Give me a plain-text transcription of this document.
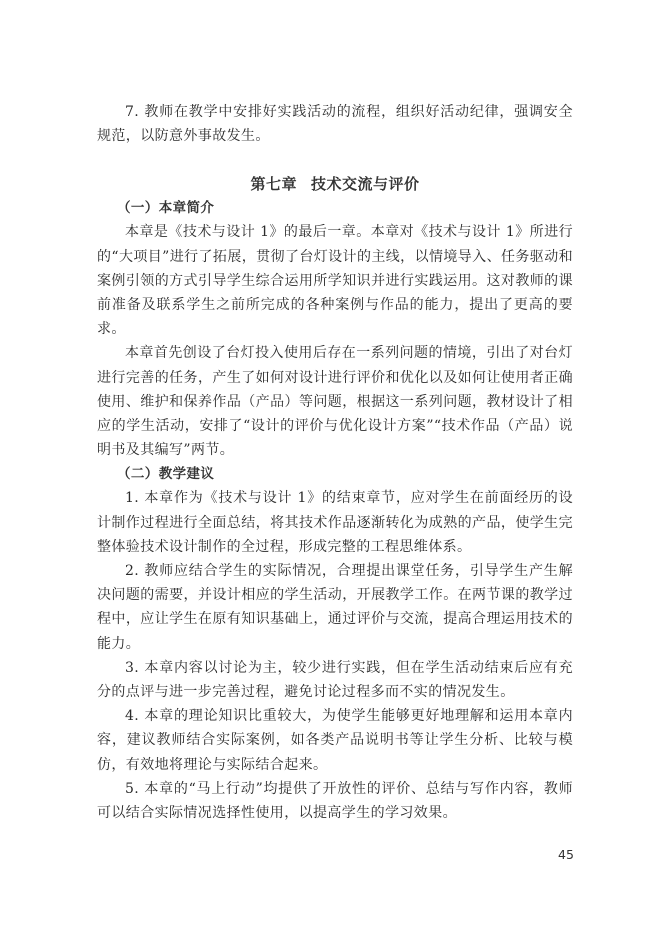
7. 教师在教学中安排好实践活动的流程，组织好活动纪律，强调安全规范，以防意外事故发生。

第七章 技术交流与评价
（一）本章简介

本章是《技术与设计 1》的最后一章。本章对《技术与设计 1》所进行的“大项目”进行了拓展，贯彻了台灯设计的主线，以情境导入、任务驱动和案例引领的方式引导学生综合运用所学知识并进行实践运用。这对教师的课前准备及联系学生之前所完成的各种案例与作品的能力，提出了更高的要求。

本章首先创设了台灯投入使用后存在一系列问题的情境，引出了对台灯进行完善的任务，产生了如何对设计进行评价和优化以及如何让使用者正确使用、维护和保养作品（产品）等问题，根据这一系列问题，教材设计了相应的学生活动，安排了“设计的评价与优化设计方案”“技术作品（产品）说明书及其编写”两节。

（二）教学建议

1. 本章作为《技术与设计 1》的结束章节，应对学生在前面经历的设计制作过程进行全面总结，将其技术作品逐渐转化为成熟的产品，使学生完整体验技术设计制作的全过程，形成完整的工程思维体系。

2. 教师应结合学生的实际情况，合理提出课堂任务，引导学生产生解决问题的需要，并设计相应的学生活动，开展教学工作。在两节课的教学过程中，应让学生在原有知识基础上，通过评价与交流，提高合理运用技术的能力。

3. 本章内容以讨论为主，较少进行实践，但在学生活动结束后应有充分的点评与进一步完善过程，避免讨论过程多而不实的情况发生。

4. 本章的理论知识比重较大，为使学生能够更好地理解和运用本章内容，建议教师结合实际案例，如各类产品说明书等让学生分析、比较与模仿，有效地将理论与实际结合起来。

5. 本章的“马上行动”均提供了开放性的评价、总结与写作内容，教师可以结合实际情况选择性使用，以提高学生的学习效果。

45
